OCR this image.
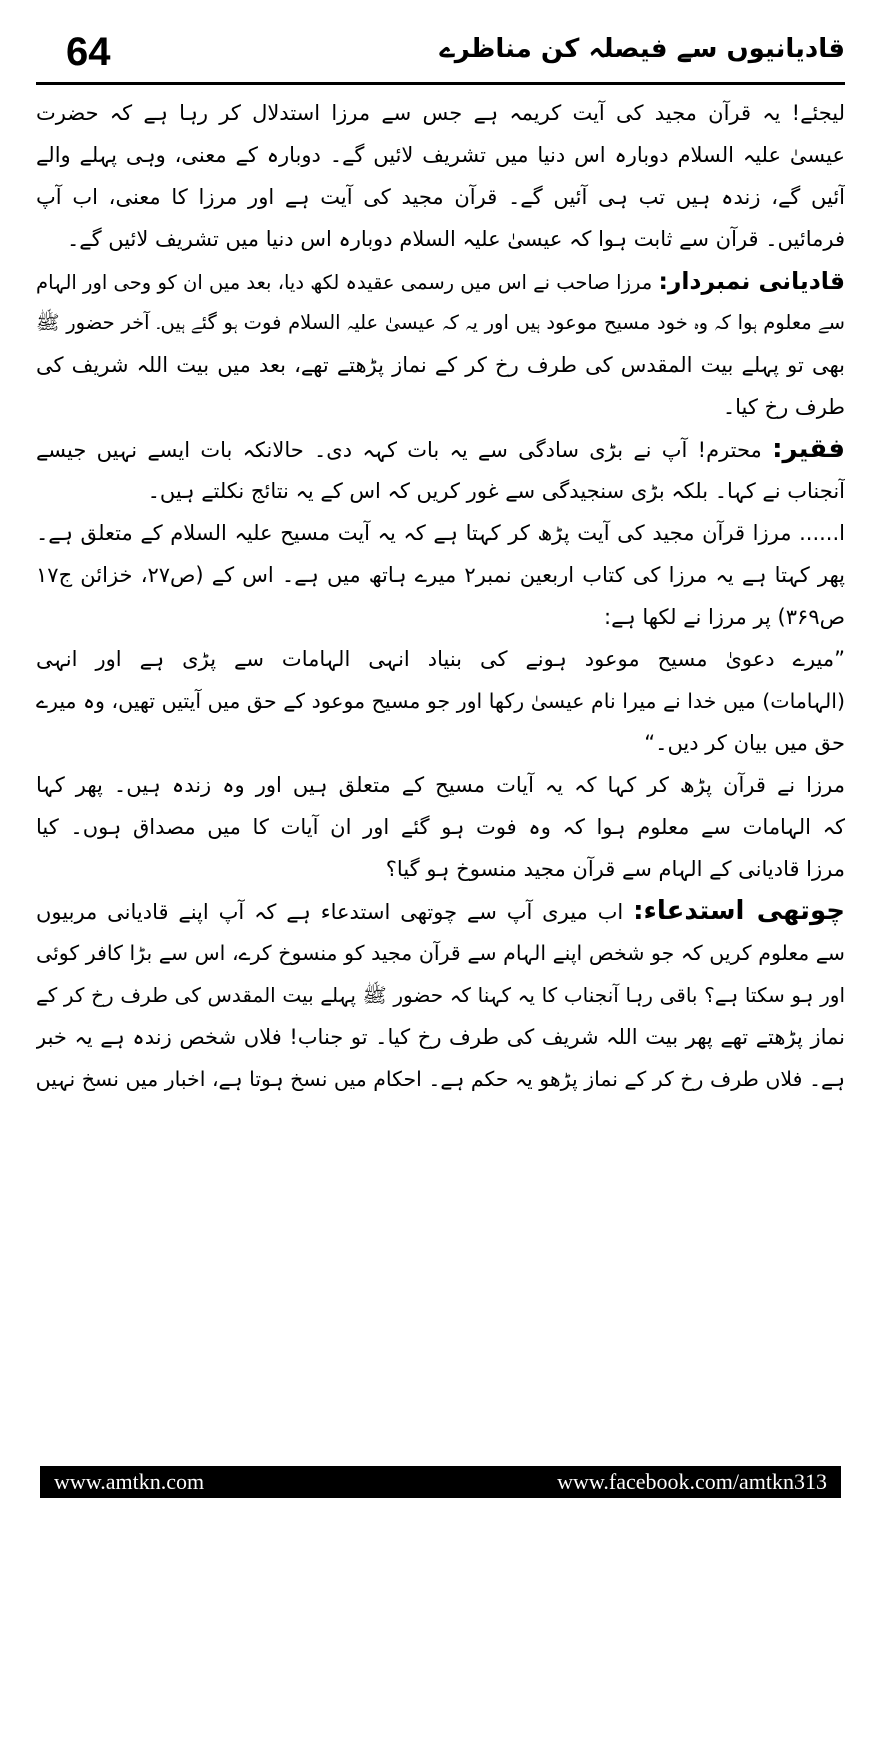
64	قادیانیوں سے فیصلہ کن مناظرے
لیجئے! یہ قرآن مجید کی آیت کریمہ ہے جس سے مرزا استدلال کر رہا ہے کہ حضرت
عیسیٰ علیہ السلام دوبارہ اس دنیا میں تشریف لائیں گے۔ دوبارہ کے معنی، وہی پہلے والے
آئیں گے، زندہ ہیں تب ہی آئیں گے۔ قرآن مجید کی آیت ہے اور مرزا کا معنی، اب آپ
فرمائیں۔ قرآن سے ثابت ہوا کہ عیسیٰ علیہ السلام دوبارہ اس دنیا میں تشریف لائیں گے۔
قادیانی نمبردار: مرزا صاحب نے اس میں رسمی عقیدہ لکھ دیا، بعد میں ان کو وحی اور الہام
سے معلوم ہوا کہ وہ خود مسیح موعود ہیں اور یہ کہ عیسیٰ علیہ السلام فوت ہو گئے ہیں۔ آخر حضور ﷺ
بھی تو پہلے بیت المقدس کی طرف رخ کر کے نماز پڑھتے تھے، بعد میں بیت اللہ شریف کی
طرف رخ کیا۔
فقیر: محترم! آپ نے بڑی سادگی سے یہ بات کہہ دی۔ حالانکہ بات ایسے نہیں جیسے
آنجناب نے کہا۔ بلکہ بڑی سنجیدگی سے غور کریں کہ اس کے یہ نتائج نکلتے ہیں۔
ا...... مرزا قرآن مجید کی آیت پڑھ کر کہتا ہے کہ یہ آیت مسیح علیہ السلام کے متعلق ہے۔
پھر کہتا ہے یہ مرزا کی کتاب اربعین نمبر۲ میرے ہاتھ میں ہے۔ اس کے (ص۲۷، خزائن ج۱۷
ص۳۶۹) پر مرزا نے لکھا ہے:
”میرے دعویٰ مسیح موعود ہونے کی بنیاد انہی الہامات سے پڑی ہے اور انہی
(الہامات) میں خدا نے میرا نام عیسیٰ رکھا اور جو مسیح موعود کے حق میں آیتیں تھیں، وہ میرے
حق میں بیان کر دیں۔“
مرزا نے قرآن پڑھ کر کہا کہ یہ آیات مسیح کے متعلق ہیں اور وہ زندہ ہیں۔ پھر کہا
کہ الہامات سے معلوم ہوا کہ وہ فوت ہو گئے اور ان آیات کا میں مصداق ہوں۔ کیا
مرزا قادیانی کے الہام سے قرآن مجید منسوخ ہو گیا؟
چوتھی استدعاء: اب میری آپ سے چوتھی استدعاء ہے کہ آپ اپنے قادیانی مربیوں
سے معلوم کریں کہ جو شخص اپنے الہام سے قرآن مجید کو منسوخ کرے، اس سے بڑا کافر کوئی
اور ہو سکتا ہے؟ باقی رہا آنجناب کا یہ کہنا کہ حضور ﷺ پہلے بیت المقدس کی طرف رخ کر کے
نماز پڑھتے تھے پھر بیت اللہ شریف کی طرف رخ کیا۔ تو جناب! فلاں شخص زندہ ہے یہ خبر
ہے۔ فلاں طرف رخ کر کے نماز پڑھو یہ حکم ہے۔ احکام میں نسخ ہوتا ہے، اخبار میں نسخ نہیں
www.amtkn.com	www.facebook.com/amtkn313
